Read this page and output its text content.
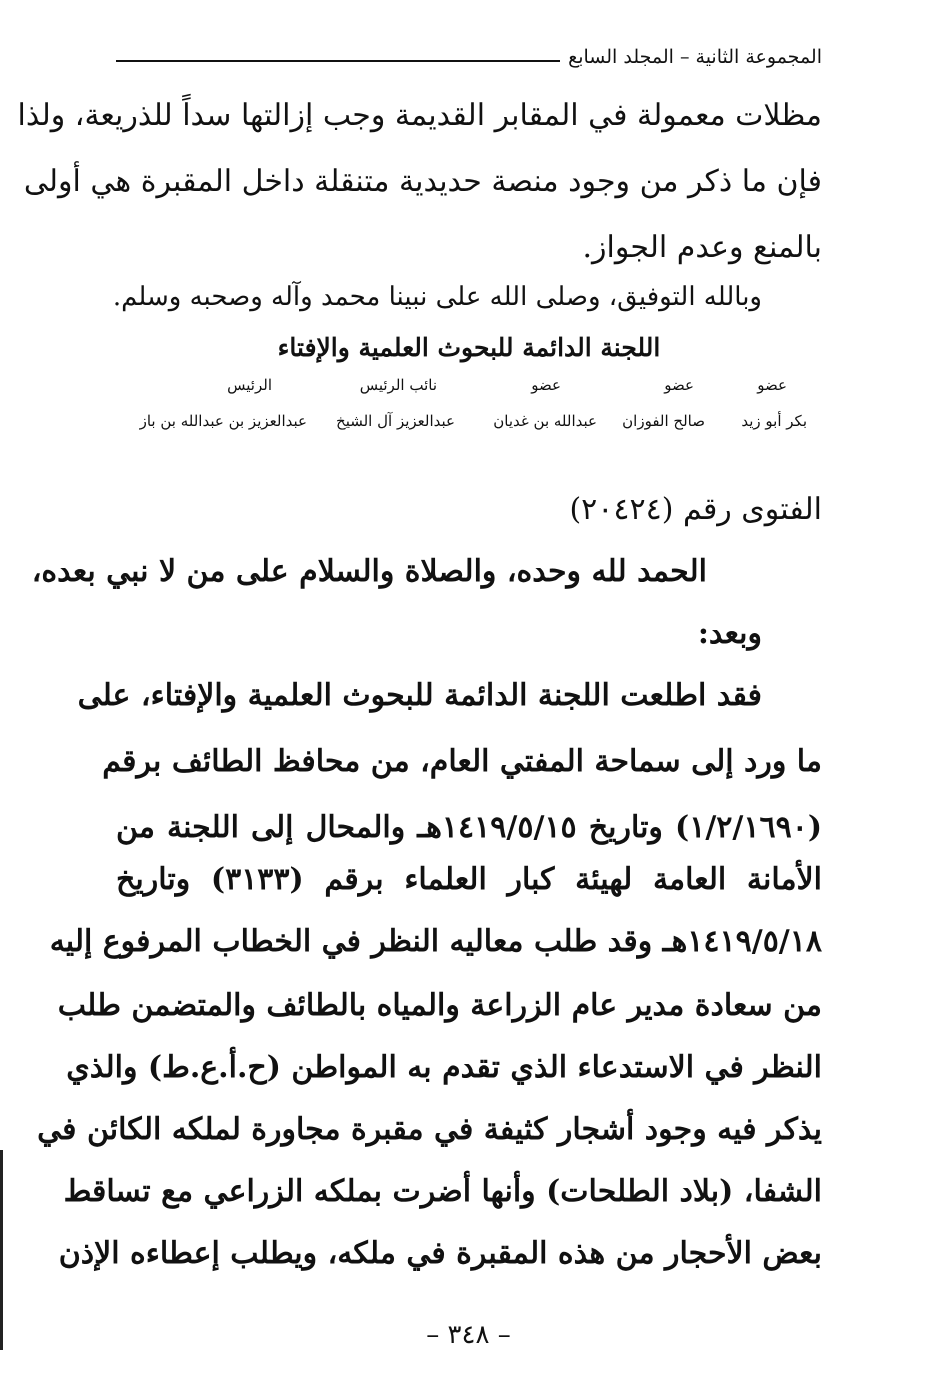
المجموعة الثانية – المجلد السابع
مظلات معمولة في المقابر القديمة وجب إزالتها سداً للذريعة، ولذا
فإن ما ذكر من وجود منصة حديدية متنقلة داخل المقبرة هي أولى
بالمنع وعدم الجواز.
وبالله التوفيق، وصلى الله على نبينا محمد وآله وصحبه وسلم.
اللجنة الدائمة للبحوث العلمية والإفتاء
عضو
بكر أبو زيد
عضو
صالح الفوزان
عضو
عبدالله بن غديان
نائب الرئيس
عبدالعزيز آل الشيخ
الرئيس
عبدالعزيز بن عبدالله بن باز
الفتوى رقم (٢٠٤٢٤)
الحمد لله وحده، والصلاة والسلام على من لا نبي بعده،
وبعد:
فقد اطلعت اللجنة الدائمة للبحوث العلمية والإفتاء، على
ما ورد إلى سماحة المفتي العام، من محافظ الطائف برقم
(١/٢/١٦٩٠) وتاريخ ١٤١٩/٥/١٥هـ والمحال إلى اللجنة من
الأمانة العامة لهيئة كبار العلماء برقم (٣١٣٣) وتاريخ
١٤١٩/٥/١٨هـ وقد طلب معاليه النظر في الخطاب المرفوع إليه
من سعادة مدير عام الزراعة والمياه بالطائف والمتضمن طلب
النظر في الاستدعاء الذي تقدم به المواطن (ح.أ.ع.ط) والذي
يذكر فيه وجود أشجار كثيفة في مقبرة مجاورة لملكه الكائن في
الشفا، (بلاد الطلحات) وأنها أضرت بملكه الزراعي مع تساقط
بعض الأحجار من هذه المقبرة في ملكه، ويطلب إعطاءه الإذن
– ٣٤٨ –
